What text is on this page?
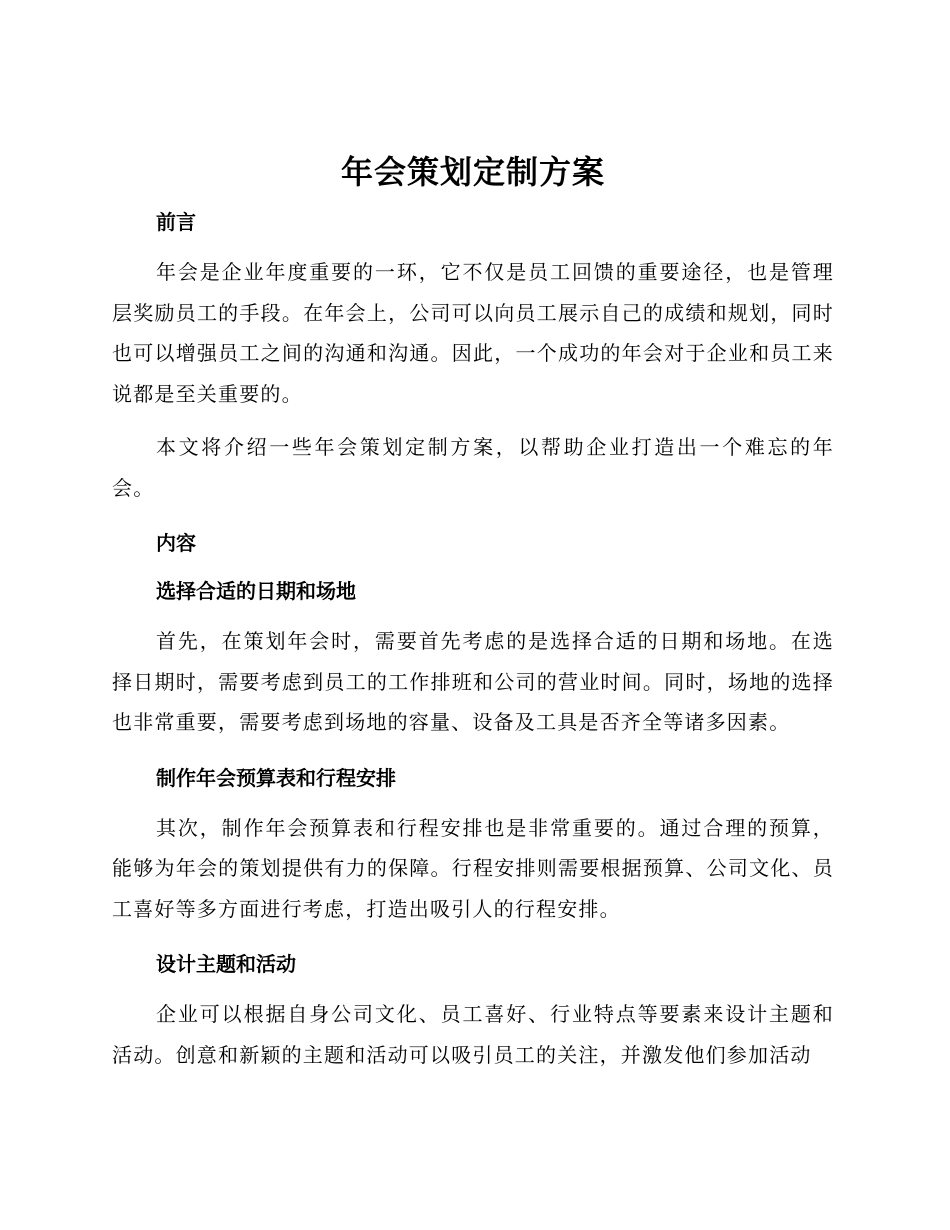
年会策划定制方案
前言

年会是企业年度重要的一环，它不仅是员工回馈的重要途径，也是管理层奖励员工的手段。在年会上，公司可以向员工展示自己的成绩和规划，同时也可以增强员工之间的沟通和沟通。因此，一个成功的年会对于企业和员工来说都是至关重要的。

本文将介绍一些年会策划定制方案，以帮助企业打造出一个难忘的年会。

内容
选择合适的日期和场地

首先，在策划年会时，需要首先考虑的是选择合适的日期和场地。在选择日期时，需要考虑到员工的工作排班和公司的营业时间。同时，场地的选择也非常重要，需要考虑到场地的容量、设备及工具是否齐全等诸多因素。

制作年会预算表和行程安排

其次，制作年会预算表和行程安排也是非常重要的。通过合理的预算，能够为年会的策划提供有力的保障。行程安排则需要根据预算、公司文化、员工喜好等多方面进行考虑，打造出吸引人的行程安排。

设计主题和活动

企业可以根据自身公司文化、员工喜好、行业特点等要素来设计主题和活动。创意和新颖的主题和活动可以吸引员工的关注，并激发他们参加活动
